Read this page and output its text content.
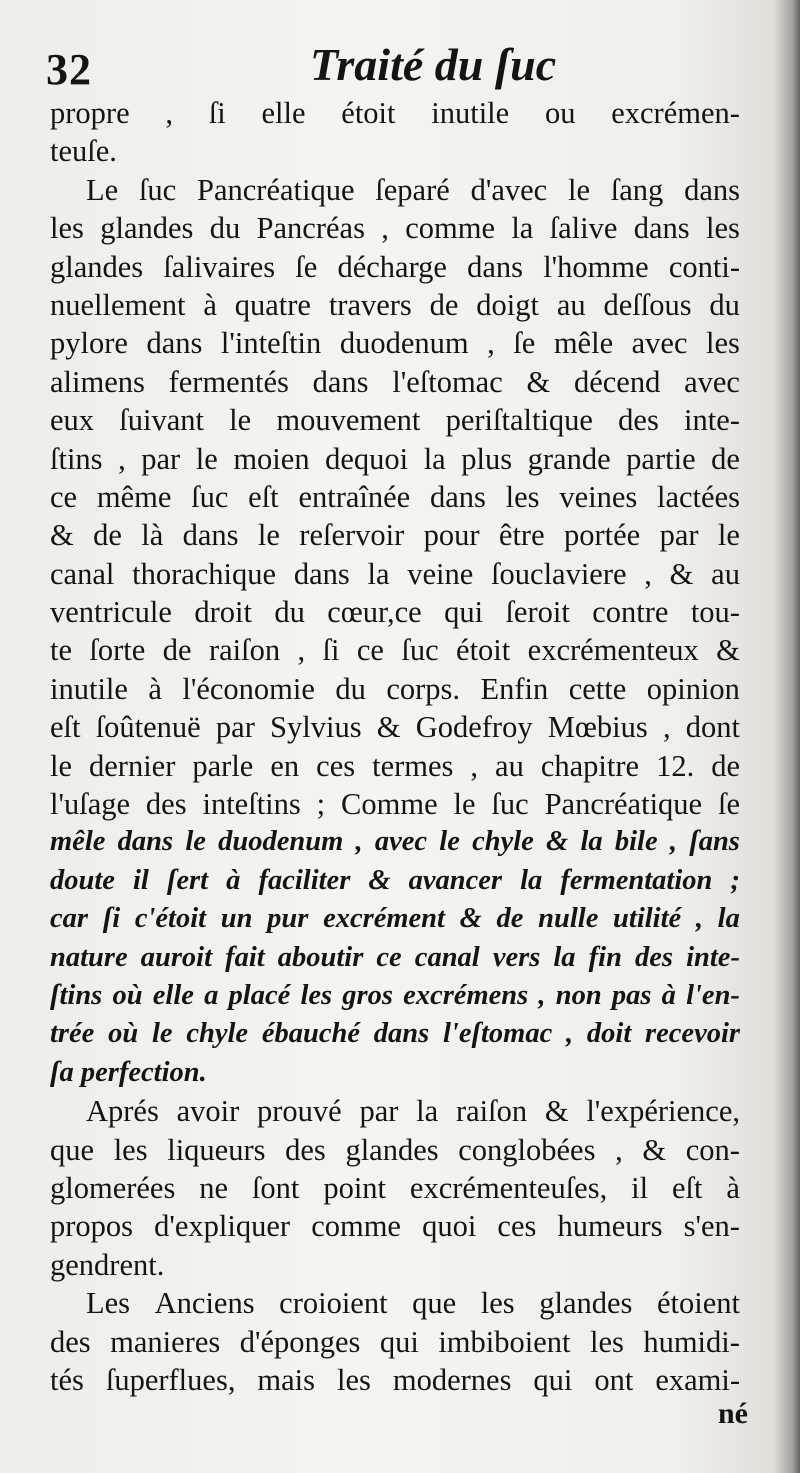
32	Traité du ſuc
propre , ſi elle étoit inutile ou excrémen-
teuſe.
Le ſuc Pancréatique ſeparé d'avec le ſang dans
les glandes du Pancréas , comme la ſalive dans les
glandes ſalivaires ſe décharge dans l'homme conti-
nuellement à quatre travers de doigt au deſſous du
pylore dans l'inteſtin duodenum , ſe mêle avec les
alimens fermentés dans l'eſtomac & décend avec
eux ſuivant le mouvement periſtaltique des inte-
ſtins , par le moien dequoi la plus grande partie de
ce même ſuc eſt entraînée dans les veines lactées
& de là dans le reſervoir pour être portée par le
canal thorachique dans la veine ſouclaviere , & au
ventricule droit du cœur,ce qui ſeroit contre tou-
te ſorte de raiſon , ſi ce ſuc étoit excrémenteux &
inutile à l'économie du corps. Enfin cette opinion
eſt ſoûtenuë par Sylvius & Godefroy Mœbius , dont
le dernier parle en ces termes , au chapitre 12. de
l'uſage des inteſtins ; Comme le ſuc Pancréatique ſe
mêle dans le duodenum , avec le chyle & la bile , ſans
doute il ſert à faciliter & avancer la fermentation ;
car ſi c'étoit un pur excrément & de nulle utilité , la
nature auroit fait aboutir ce canal vers la fin des inte-
ſtins où elle a placé les gros excrémens , non pas à l'en-
trée où le chyle ébauché dans l'eſtomac , doit recevoir
ſa perfection.
Aprés avoir prouvé par la raiſon & l'expérience,
que les liqueurs des glandes conglobées , & con-
glomerées ne ſont point excrémenteuſes, il eſt à
propos d'expliquer comme quoi ces humeurs s'en-
gendrent.
Les Anciens croioient que les glandes étoient
des manieres d'éponges qui imbiboient les humidi-
tés ſuperflues, mais les modernes qui ont exami-
né
